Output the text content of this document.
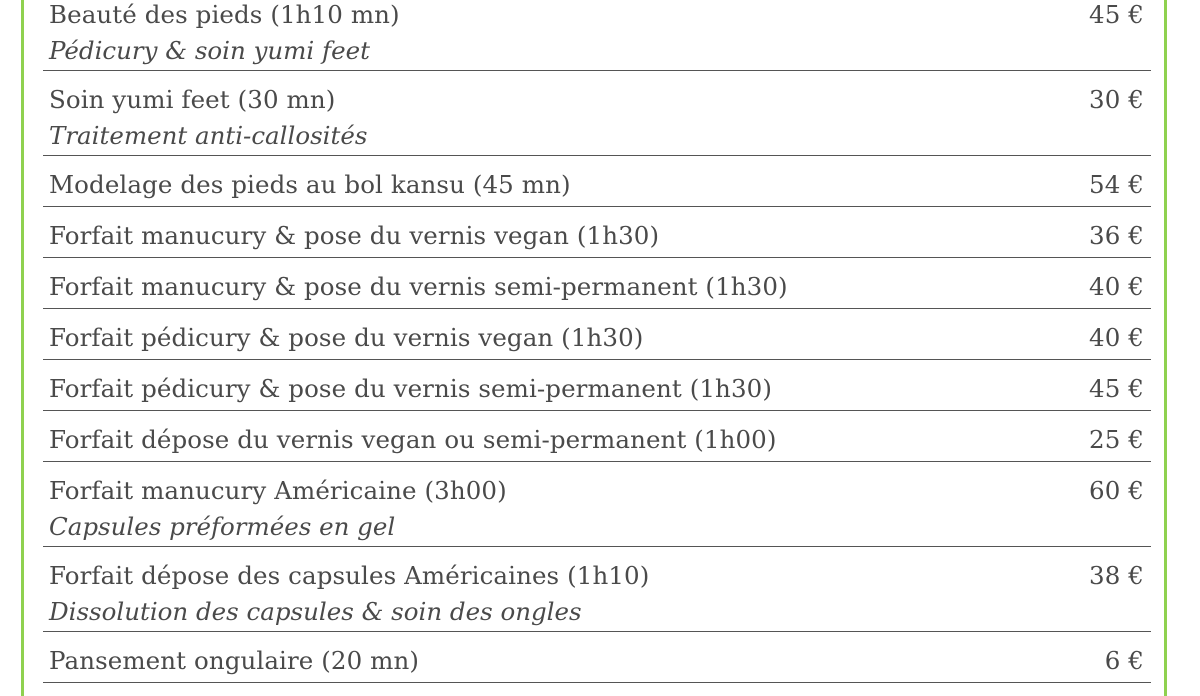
Beauté des pieds (1h10 mn)	45 €
Pédicury & soin yumi feet
Soin yumi feet (30 mn)	30 €
Traitement anti-callosités
Modelage des pieds au bol kansu (45 mn)	54 €
Forfait manucury & pose du vernis vegan (1h30)	36 €
Forfait manucury & pose du vernis semi-permanent (1h30)	40 €
Forfait pédicury & pose du vernis vegan (1h30)	40 €
Forfait pédicury & pose du vernis semi-permanent (1h30)	45 €
Forfait dépose du vernis vegan ou semi-permanent (1h00)	25 €
Forfait manucury Américaine (3h00)	60 €
Capsules préformées en gel
Forfait dépose des capsules Américaines (1h10)	38 €
Dissolution des capsules & soin des ongles
Pansement ongulaire (20 mn)	6 €
